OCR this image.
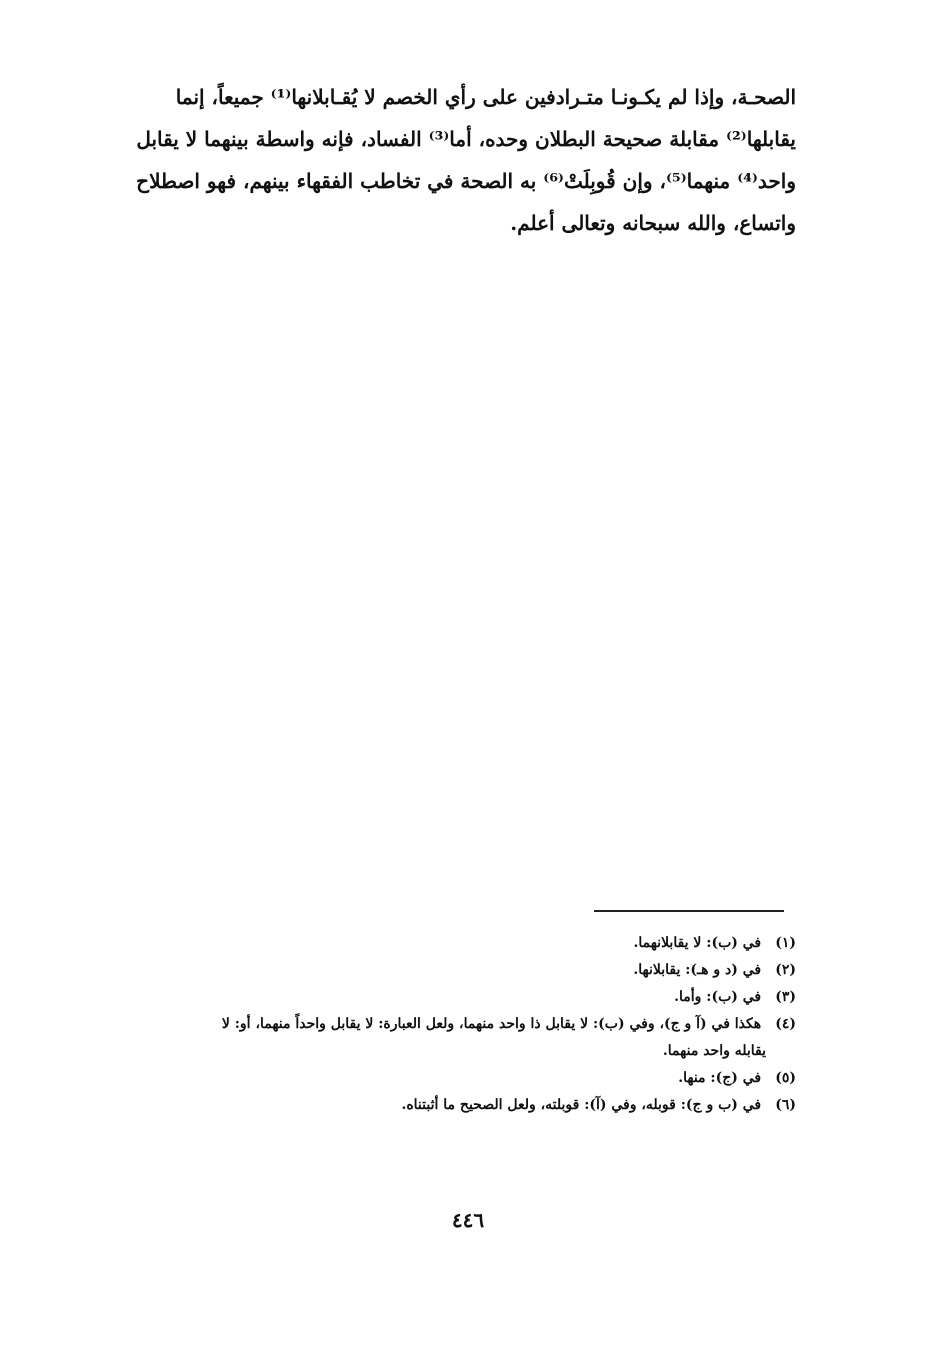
الصحـة، وإذا لم يكـونـا متـرادفين على رأي الخصم لا يُقـابلانها⁽¹⁾ جميعاً، إنما
يقابلها⁽²⁾ مقابلة صحيحة البطلان وحده، أما⁽³⁾ الفساد، فإنه واسطة بينهما لا يقابل
واحد⁽⁴⁾ منهما⁽⁵⁾، وإن قُوبِلَتْ⁽⁶⁾ به الصحة في تخاطب الفقهاء بينهم، فهو اصطلاح
واتساع، والله سبحانه وتعالى أعلم.
(١) في (ب): لا يقابلانهما.
(٢) في (د و هـ): يقابلانها.
(٣) في (ب): وأما.
(٤) هكذا في (آ و ج)، وفي (ب): لا يقابل ذا واحد منهما، ولعل العبارة: لا يقابل واحداً منهما، أو: لا
يقابله واحد منهما.
(٥) في (ج): منها.
(٦) في (ب و ج): قوبله، وفي (آ): قوبلته، ولعل الصحيح ما أثبتناه.
٤٤٦
